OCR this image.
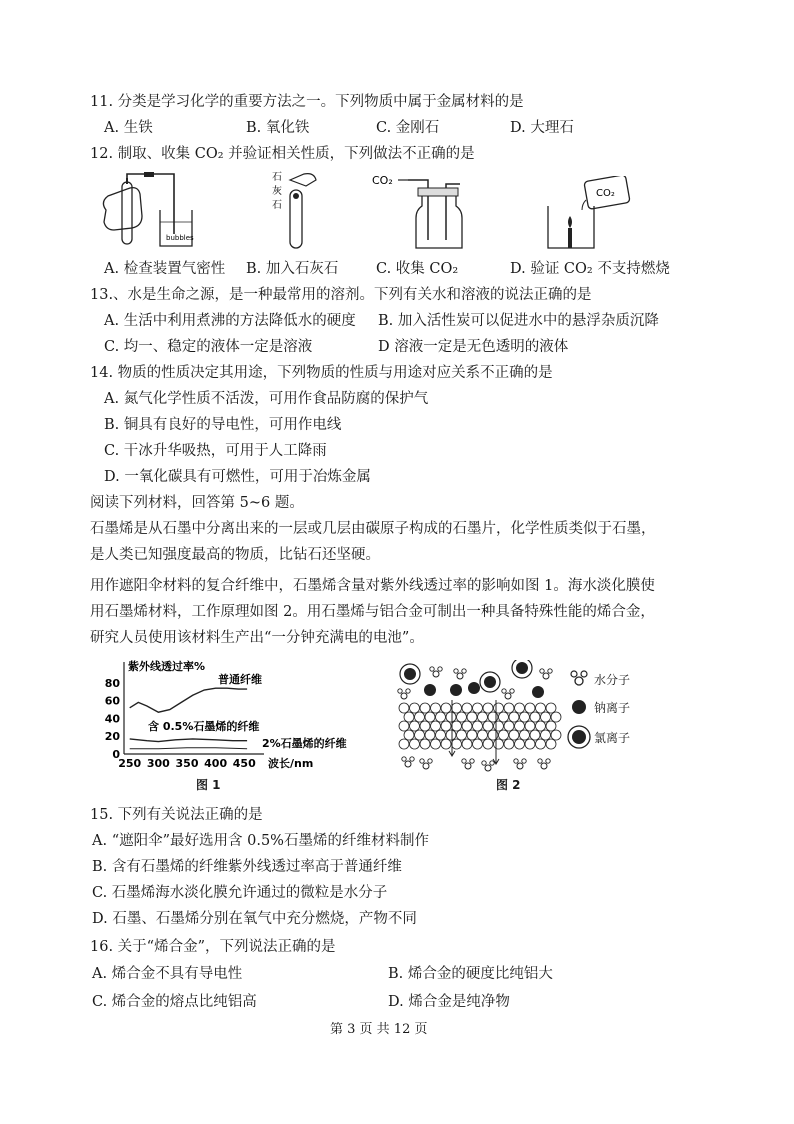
11. 分类是学习化学的重要方法之一。下列物质中属于金属材料的是
A. 生铁	B. 氧化铁	C. 金刚石	D. 大理石
12. 制取、收集 CO₂ 并验证相关性质，下列做法不正确的是
bubbles
石
灰
石
CO₂
CO₂
A. 检查装置气密性 B. 加入石灰石	C. 收集 CO₂	D. 验证 CO₂ 不支持燃烧
13.、水是生命之源，是一种最常用的溶剂。下列有关水和溶液的说法正确的是
A. 生活中利用煮沸的方法降低水的硬度 B. 加入活性炭可以促进水中的悬浮杂质沉降
C. 均一、稳定的液体一定是溶液	D 溶液一定是无色透明的液体
14. 物质的性质决定其用途，下列物质的性质与用途对应关系不正确的是
A. 氮气化学性质不活泼，可用作食品防腐的保护气
B. 铜具有良好的导电性，可用作电线
C. 干冰升华吸热，可用于人工降雨
D. 一氧化碳具有可燃性，可用于冶炼金属
阅读下列材料，回答第 5~6 题。
石墨烯是从石墨中分离出来的一层或几层由碳原子构成的石墨片，化学性质类似于石墨，
是人类已知强度最高的物质，比钻石还坚硬。
用作遮阳伞材料的复合纤维中，石墨烯含量对紫外线透过率的影响如图 1。海水淡化膜使
用石墨烯材料，工作原理如图 2。用石墨烯与铝合金可制出一种具备特殊性能的烯合金，
研究人员使用该材料生产出“一分钟充满电的电池”。
0
20
40
60
80
250 300 350 400 450
紫外线透过率%
波长/nm
普通纤维
含 0.5%石墨烯的纤维
2%石墨烯的纤维
图 1	图 2
水分子
钠离子
氯离子
15. 下列有关说法正确的是
A. “遮阳伞”最好选用含 0.5%石墨烯的纤维材料制作
B. 含有石墨烯的纤维紫外线透过率高于普通纤维
C. 石墨烯海水淡化膜允许通过的微粒是水分子
D. 石墨、石墨烯分别在氧气中充分燃烧，产物不同
16. 关于“烯合金”，下列说法正确的是
A. 烯合金不具有导电性	B. 烯合金的硬度比纯铝大
C. 烯合金的熔点比纯铝高	D. 烯合金是纯净物
第 3 页 共 12 页
